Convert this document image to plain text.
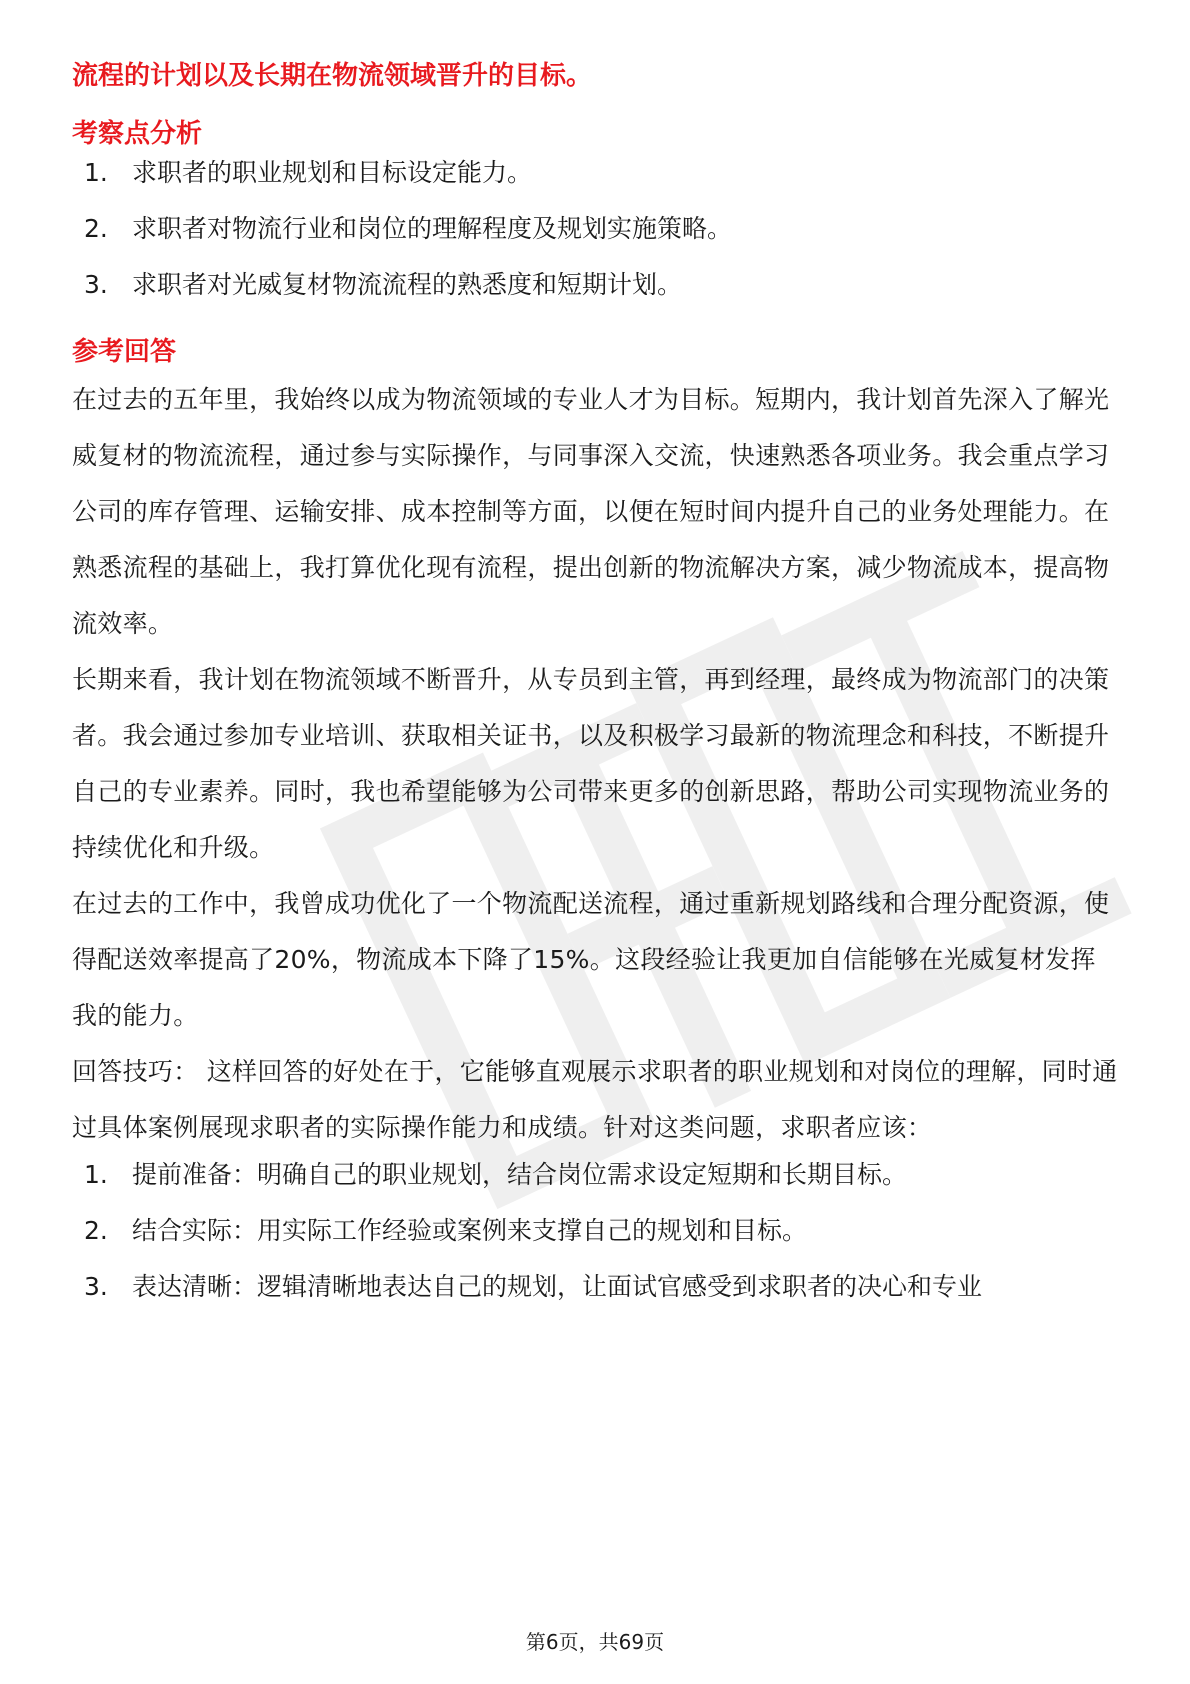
流程的计划以及长期在物流领域晋升的目标。
考察点分析
1. 求职者的职业规划和目标设定能力。
2. 求职者对物流行业和岗位的理解程度及规划实施策略。
3. 求职者对光威复材物流流程的熟悉度和短期计划。
参考回答

在过去的五年里，我始终以成为物流领域的专业人才为目标。短期内，我计划首先深入了解光威复材的物流流程，通过参与实际操作，与同事深入交流，快速熟悉各项业务。我会重点学习公司的库存管理、运输安排、成本控制等方面，以便在短时间内提升自己的业务处理能力。在熟悉流程的基础上，我打算优化现有流程，提出创新的物流解决方案，减少物流成本，提高物流效率。

长期来看，我计划在物流领域不断晋升，从专员到主管，再到经理，最终成为物流部门的决策者。我会通过参加专业培训、获取相关证书，以及积极学习最新的物流理念和科技，不断提升自己的专业素养。同时，我也希望能够为公司带来更多的创新思路，帮助公司实现物流业务的持续优化和升级。

在过去的工作中，我曾成功优化了一个物流配送流程，通过重新规划路线和合理分配资源，使得配送效率提高了20%，物流成本下降了15%。这段经验让我更加自信能够在光威复材发挥我的能力。

回答技巧： 这样回答的好处在于，它能够直观展示求职者的职业规划和对岗位的理解，同时通过具体案例展现求职者的实际操作能力和成绩。针对这类问题，求职者应该：

1. 提前准备：明确自己的职业规划，结合岗位需求设定短期和长期目标。
2. 结合实际：用实际工作经验或案例来支撑自己的规划和目标。
3. 表达清晰：逻辑清晰地表达自己的规划，让面试官感受到求职者的决心和专业
第6页，共69页
